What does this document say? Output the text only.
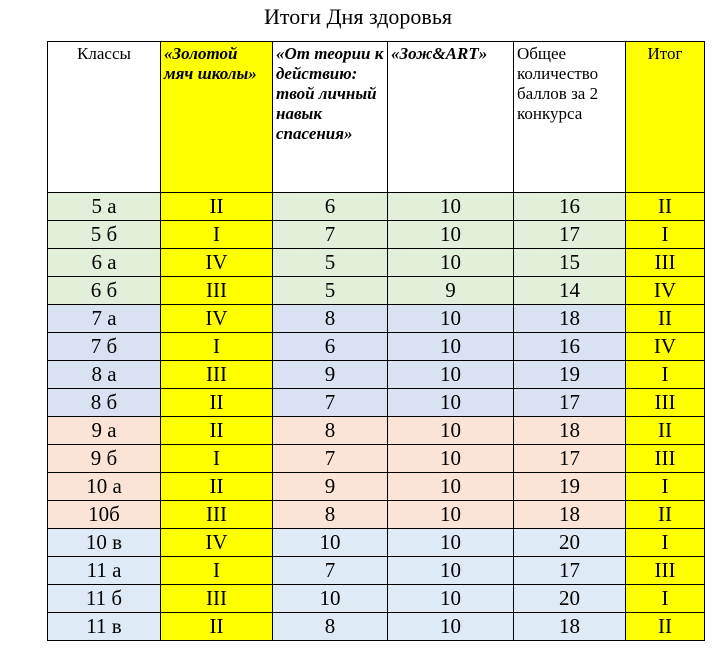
Итоги Дня здоровья
Классы	«Золотой мяч школы»	«От теории к действию: твой личный навык спасения»	«Зож&ART»	Общее количество баллов за 2 конкурса	Итог
5 а	II	6	10	16	II
5 б	I	7	10	17	I
6 а	IV	5	10	15	III
6 б	III	5	9	14	IV
7 а	IV	8	10	18	II
7 б	I	6	10	16	IV
8 а	III	9	10	19	I
8 б	II	7	10	17	III
9 а	II	8	10	18	II
9 б	I	7	10	17	III
10 а	II	9	10	19	I
10б	III	8	10	18	II
10 в	IV	10	10	20	I
11 а	I	7	10	17	III
11 б	III	10	10	20	I
11 в	II	8	10	18	II
